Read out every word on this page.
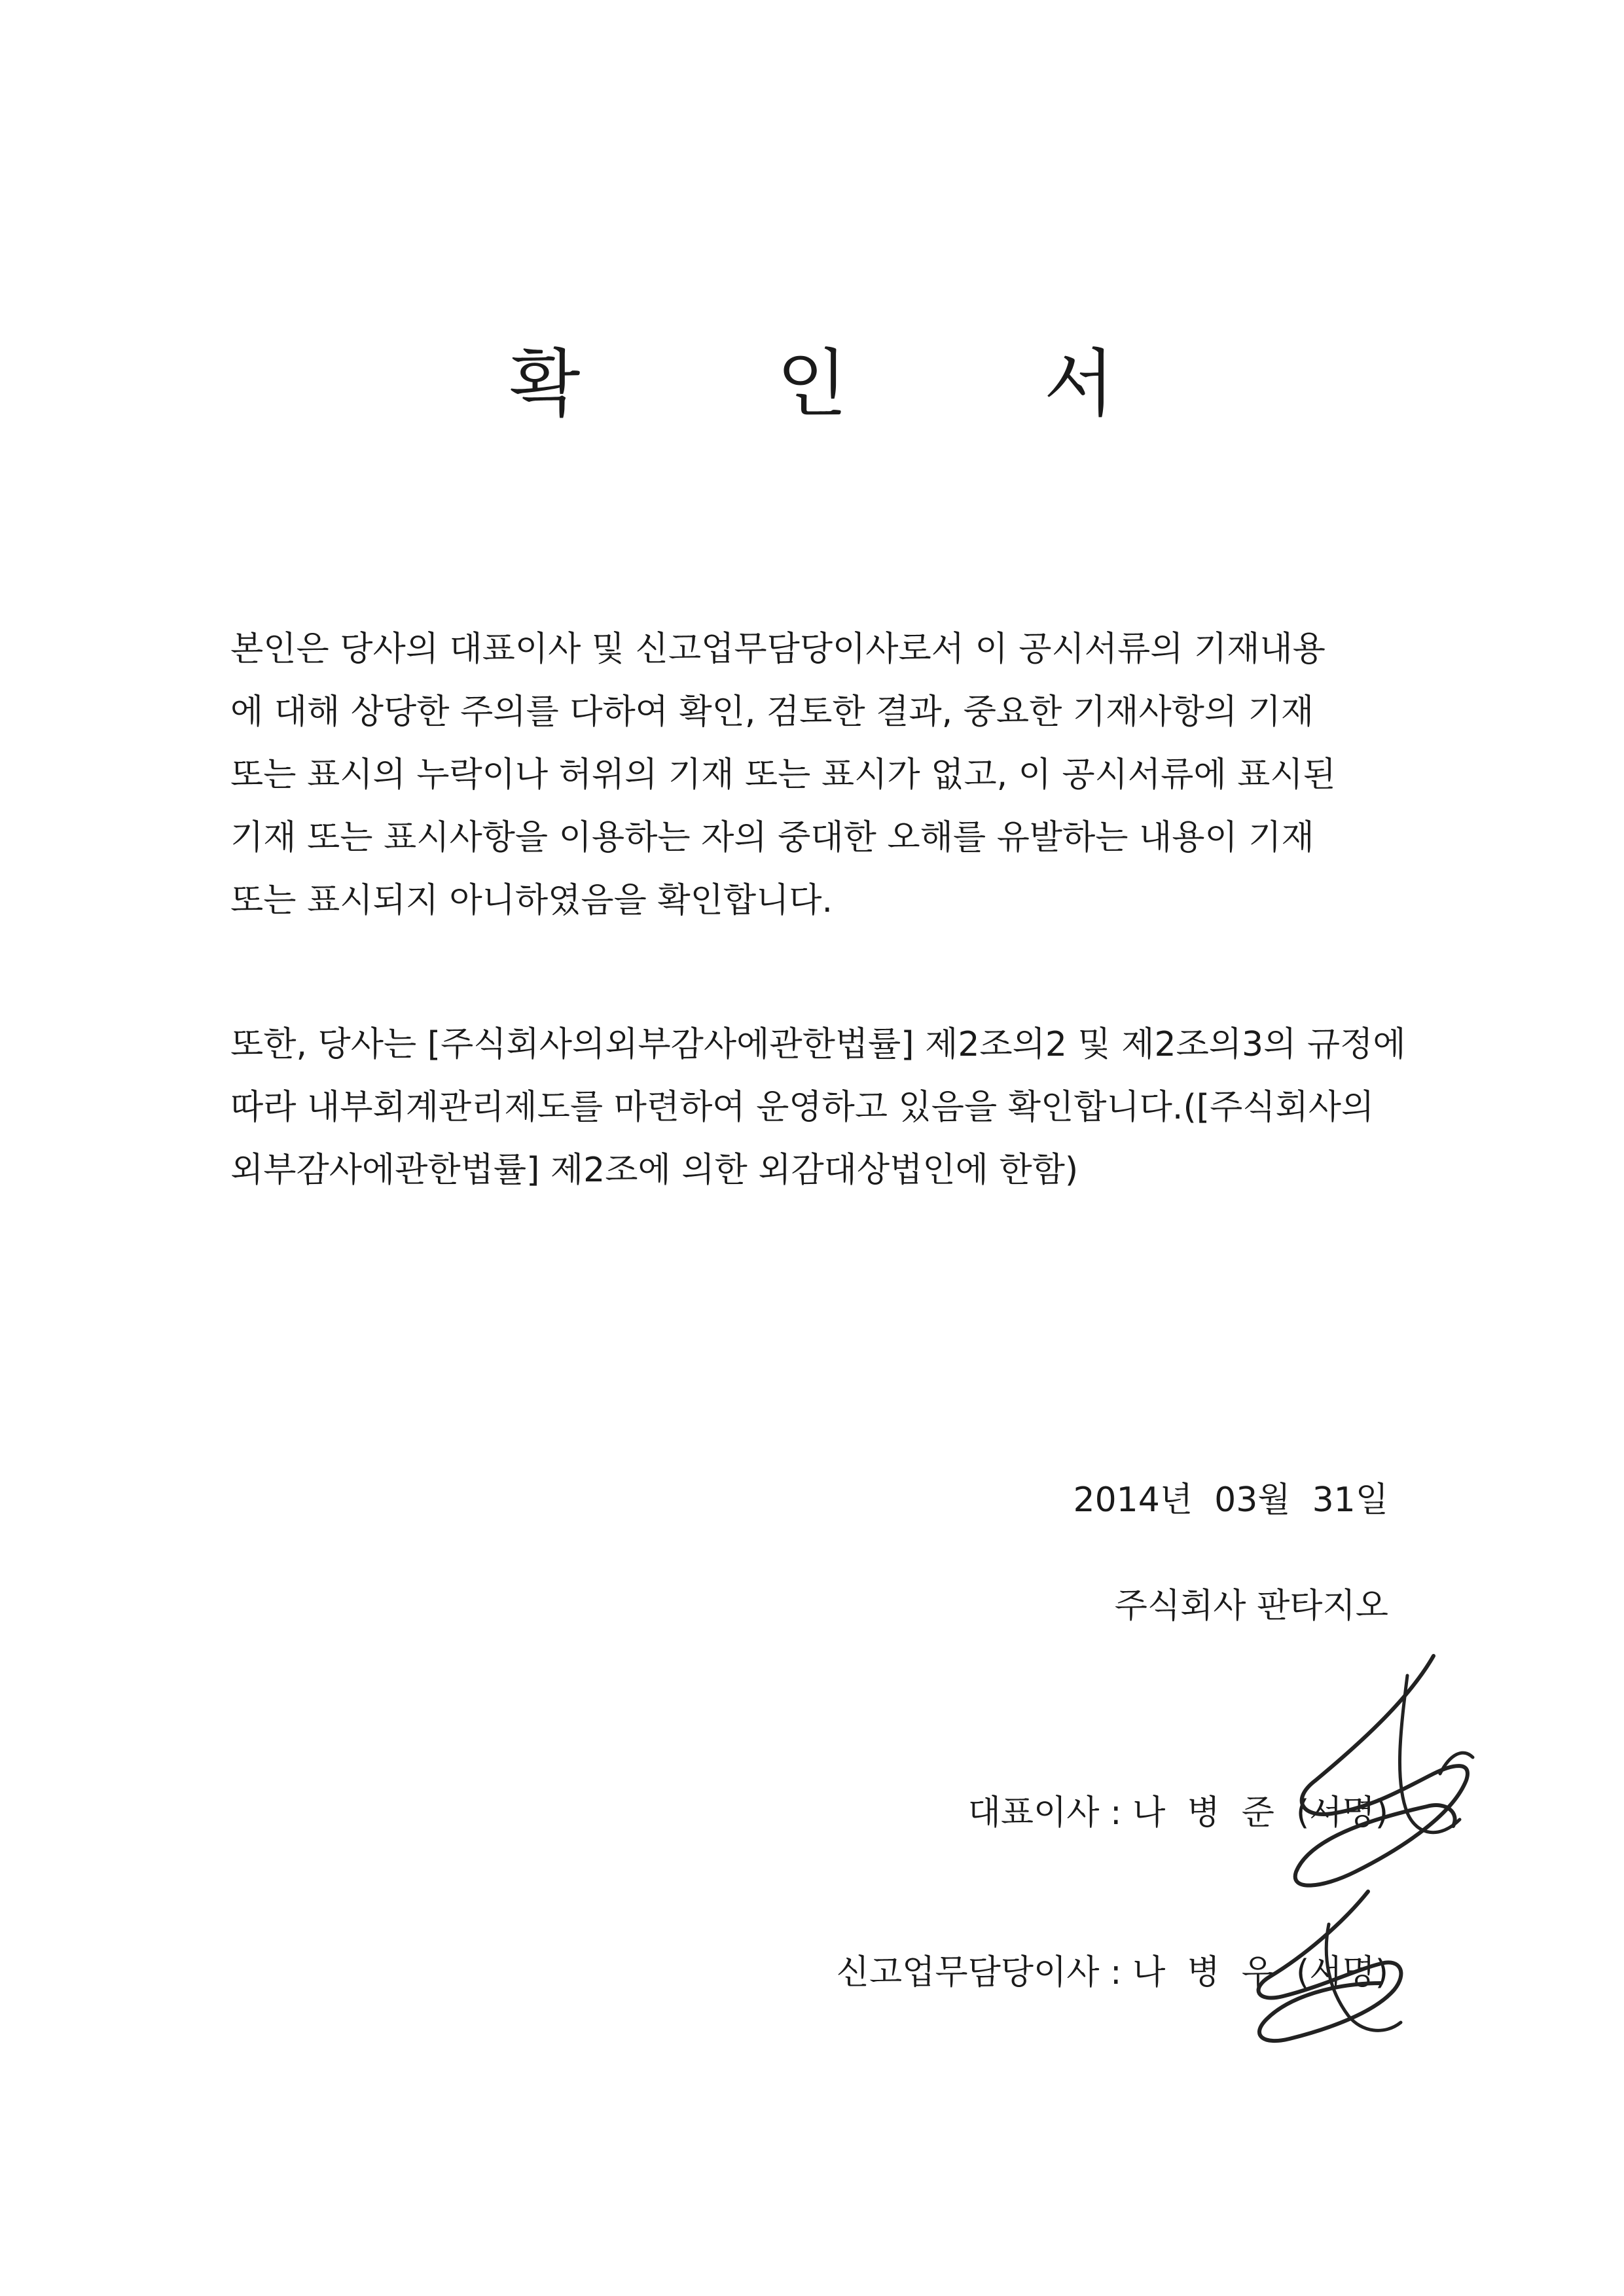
확	인	서
본인은 당사의 대표이사 및 신고업무담당이사로서 이 공시서류의 기재내용
에 대해 상당한 주의를 다하여 확인, 검토한 결과, 중요한 기재사항의 기재
또는 표시의 누락이나 허위의 기재 또는 표시가 없고, 이 공시서류에 표시된
기재 또는 표시사항을 이용하는 자의 중대한 오해를 유발하는 내용이 기재
또는 표시되지 아니하였음을 확인합니다.
또한, 당사는 [주식회사의외부감사에관한법률] 제2조의2 및 제2조의3의 규정에
따라 내부회계관리제도를 마련하여 운영하고 있음을 확인합니다.([주식회사의
외부감사에관한법률] 제2조에 의한 외감대상법인에 한함)
2014년  03월  31일
주식회사 판타지오
대표이사 : 나  병  준  (서명)
신고업무담당이사 : 나  병  우  (서명)
